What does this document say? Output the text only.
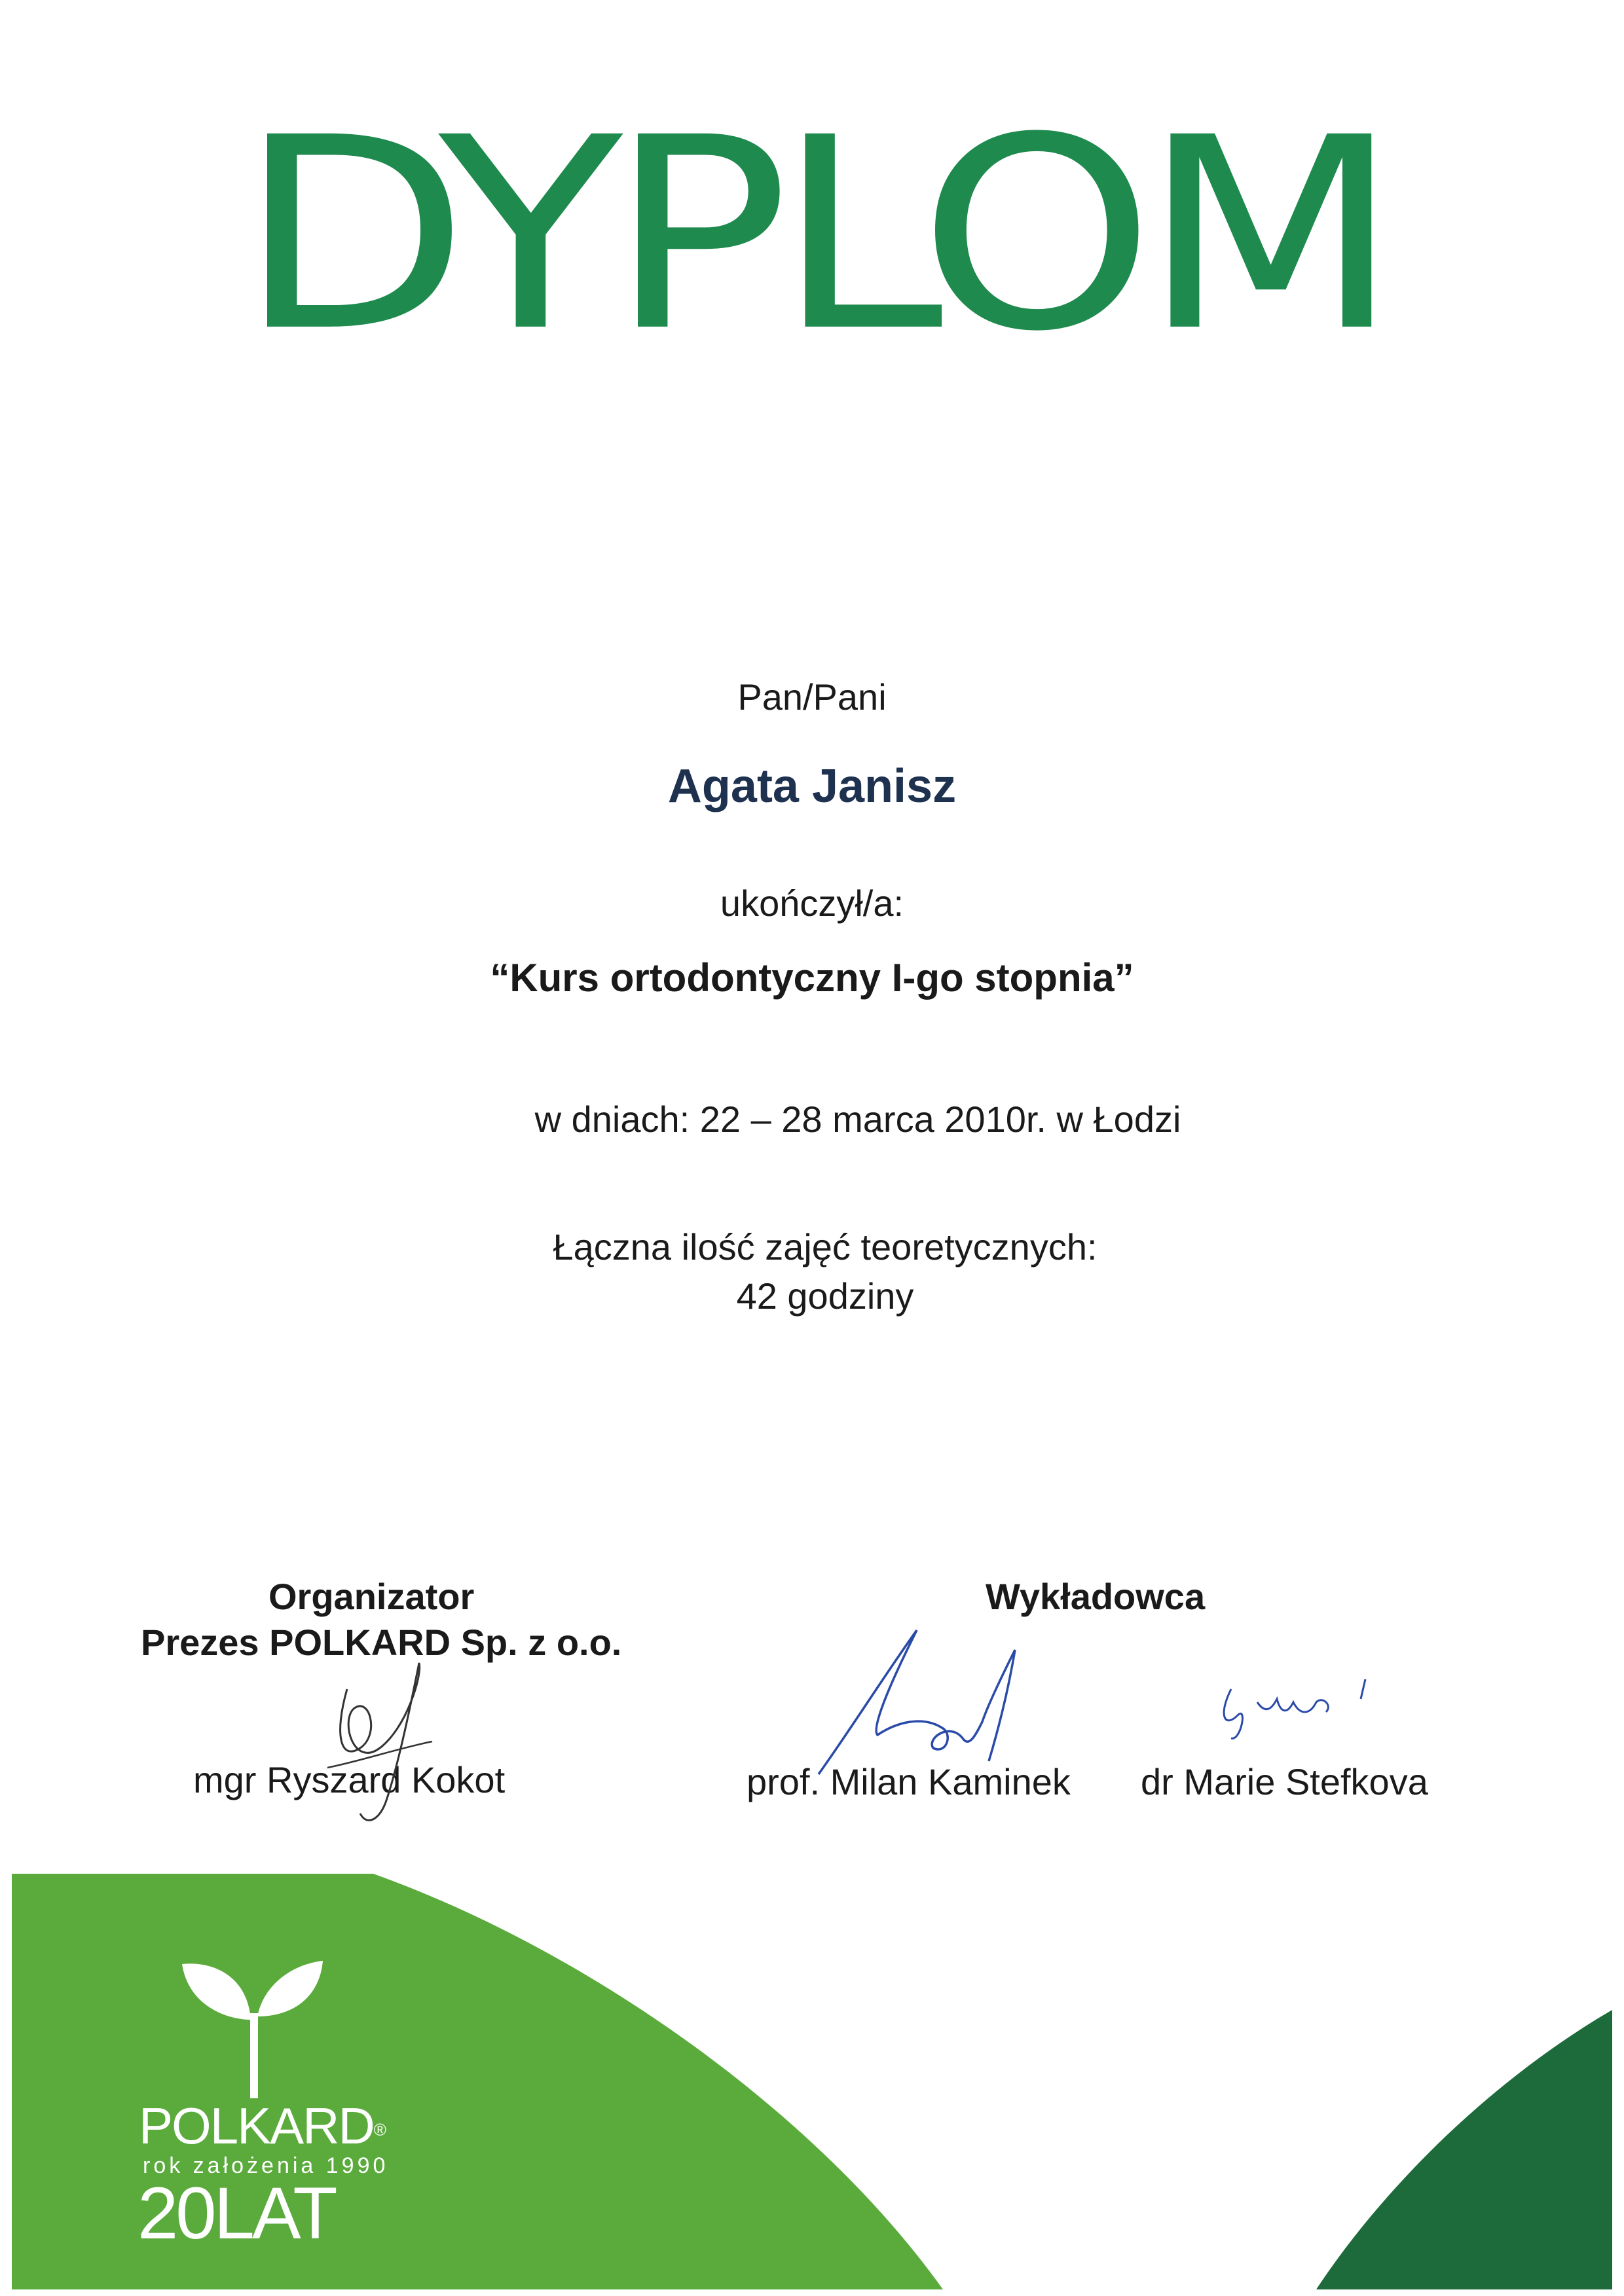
DYPLOM
Pan/Pani
Agata Janisz
ukończył/a:
“Kurs ortodontyczny I-go stopnia”
w dniach: 22 – 28 marca 2010r. w Łodzi
Łączna ilość zajęć teoretycznych:
42 godziny
Organizator
Prezes POLKARD Sp. z o.o.
mgr Ryszard Kokot
Wykładowca
prof. Milan Kaminek dr Marie Stefkova
POLKARD®
rok założenia 1990
20LAT
